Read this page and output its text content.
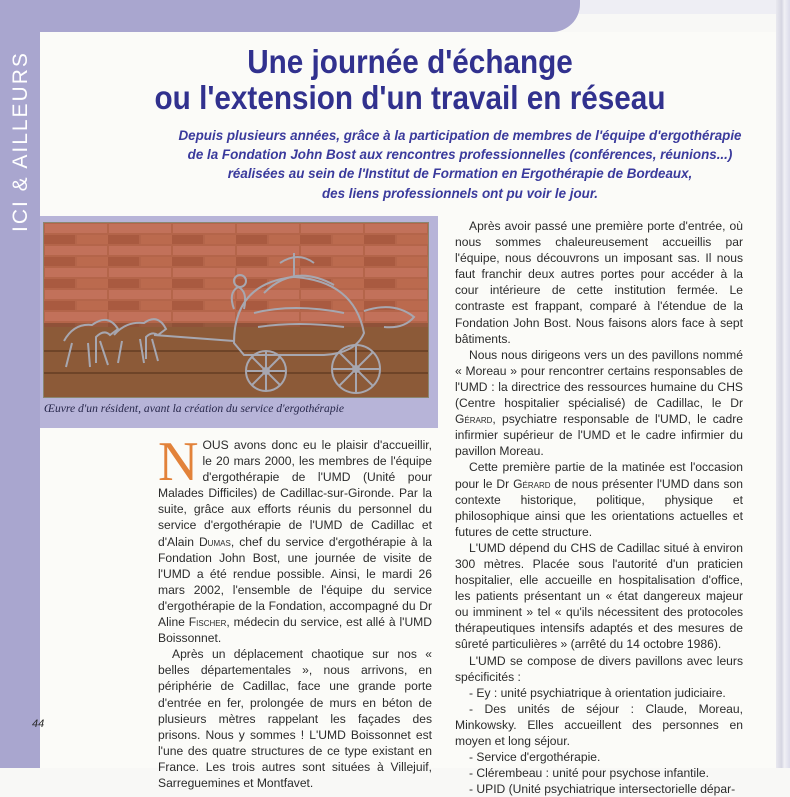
ICI & AILLEURS	Une journée d'échange
ou l'extension d'un travail en réseau

Depuis plusieurs années, grâce à la participation de membres de l'équipe d'ergothérapie
de la Fondation John Bost aux rencontres professionnelles (conférences, réunions...)
réalisées au sein de l'Institut de Formation en Ergothérapie de Bordeaux,
des liens professionnels ont pu voir le jour.

Œuvre d'un résident, avant la création du service d'ergothérapie

NOUS avons donc eu le plaisir d'accueillir, le 20 mars 2000, les membres de l'équipe d'ergothérapie de l'UMD (Unité pour Malades Difficiles) de Cadillac-sur-Gironde. Par la suite, grâce aux efforts réunis du personnel du service d'ergothérapie de l'UMD de Cadillac et d'Alain Dumas, chef du service d'ergothérapie à la Fondation John Bost, une journée de visite de l'UMD a été rendue possible. Ainsi, le mardi 26 mars 2002, l'ensemble de l'équipe du service d'ergothérapie de la Fondation, accompagné du Dr Aline Fischer, médecin du service, est allé à l'UMD Boissonnet.

Après un déplacement chaotique sur nos « belles départementales », nous arrivons, en périphérie de Cadillac, face une grande porte d'entrée en fer, prolongée de murs en béton de plusieurs mètres rappelant les façades des prisons. Nous y sommes ! L'UMD Boissonnet est l'une des quatre structures de ce type existant en France. Les trois autres sont situées à Villejuif, Sarreguemines et Montfavet.

Après avoir passé une première porte d'entrée, où nous sommes chaleureusement accueillis par l'équipe, nous découvrons un imposant sas. Il nous faut franchir deux autres portes pour accéder à la cour intérieure de cette institution fermée. Le contraste est frappant, comparé à l'étendue de la Fondation John Bost. Nous faisons alors face à sept bâtiments.

Nous nous dirigeons vers un des pavillons nommé « Moreau » pour rencontrer certains responsables de l'UMD : la directrice des ressources humaine du CHS (Centre hospitalier spécialisé) de Cadillac, le Dr Gérard, psychiatre responsable de l'UMD, le cadre infirmier supérieur de l'UMD et le cadre infirmier du pavillon Moreau.

Cette première partie de la matinée est l'occasion pour le Dr Gérard de nous présenter l'UMD dans son contexte historique, politique, physique et philosophique ainsi que les orientations actuelles et futures de cette structure.

L'UMD dépend du CHS de Cadillac situé à environ 300 mètres. Placée sous l'autorité d'un praticien hospitalier, elle accueille en hospitalisation d'office, les patients présentant un « état dangereux majeur ou imminent » tel « qu'ils nécessitent des protocoles thérapeutiques intensifs adaptés et des mesures de sûreté particulières » (arrêté du 14 octobre 1986).

L'UMD se compose de divers pavillons avec leurs spécificités :

- Ey : unité psychiatrique à orientation judiciaire.

- Des unités de séjour : Claude, Moreau, Minkowsky. Elles accueillent des personnes en moyen et long séjour.

- Service d'ergothérapie.

- Clérembeau : unité pour psychose infantile.

- UPID (Unité psychiatrique intersectorielle dépar-

44
